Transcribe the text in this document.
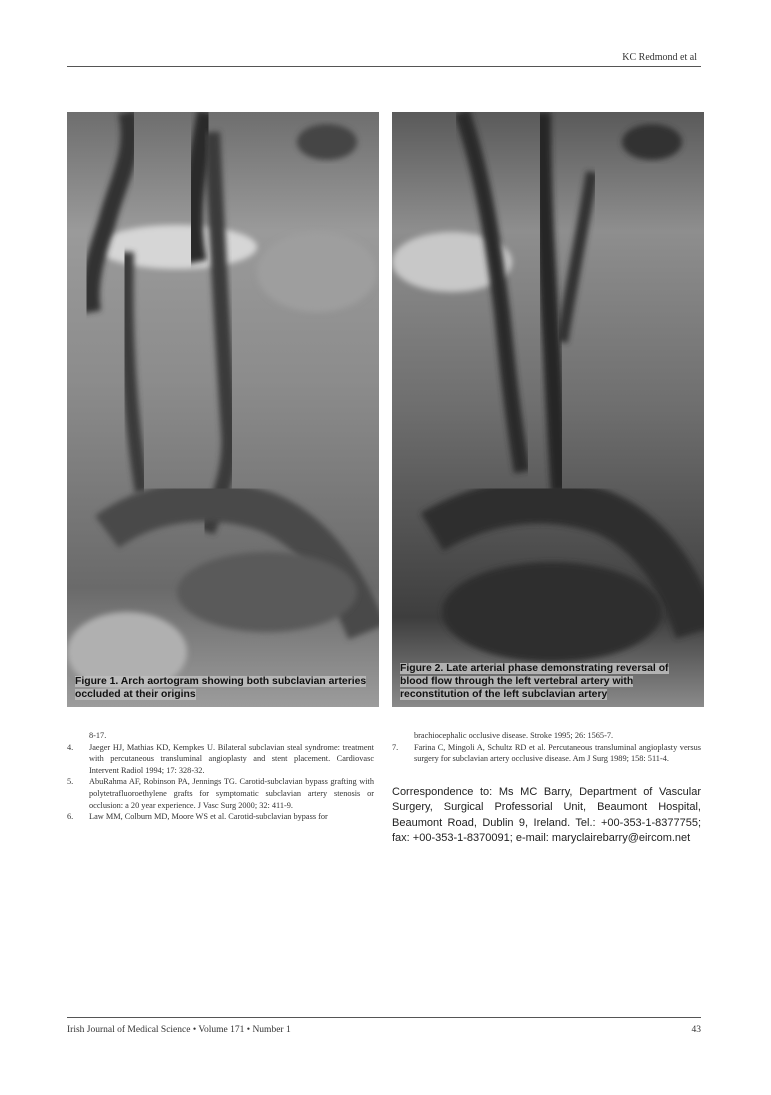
KC Redmond et al
Figure 1. Arch aortogram showing both subclavian arteries occluded at their origins
Figure 2. Late arterial phase demonstrating reversal of blood flow through the left vertebral artery with reconstitution of the left subclavian artery
8-17.
4. Jaeger HJ, Mathias KD, Kempkes U. Bilateral subclavian steal syndrome: treatment with percutaneous transluminal angioplasty and stent placement. Cardiovasc Intervent Radiol 1994; 17: 328-32.
5. AbuRahma AF, Robinson PA, Jennings TG. Carotid-subclavian bypass grafting with polytetrafluoroethylene grafts for symptomatic subclavian artery stenosis or occlusion: a 20 year experience. J Vasc Surg 2000; 32: 411-9.
6. Law MM, Colburn MD, Moore WS et al. Carotid-subclavian bypass for
brachiocephalic occlusive disease. Stroke 1995; 26: 1565-7.
7. Farina C, Mingoli A, Schultz RD et al. Percutaneous transluminal angioplasty versus surgery for subclavian artery occlusive disease. Am J Surg 1989; 158: 511-4.
Correspondence to: Ms MC Barry, Department of Vascular Surgery, Surgical Professorial Unit, Beaumont Hospital, Beaumont Road, Dublin 9, Ireland. Tel.: +00-353-1-8377755; fax: +00-353-1-8370091; e-mail: maryclairebarry@eircom.net
Irish Journal of Medical Science • Volume 171 • Number 1	43
